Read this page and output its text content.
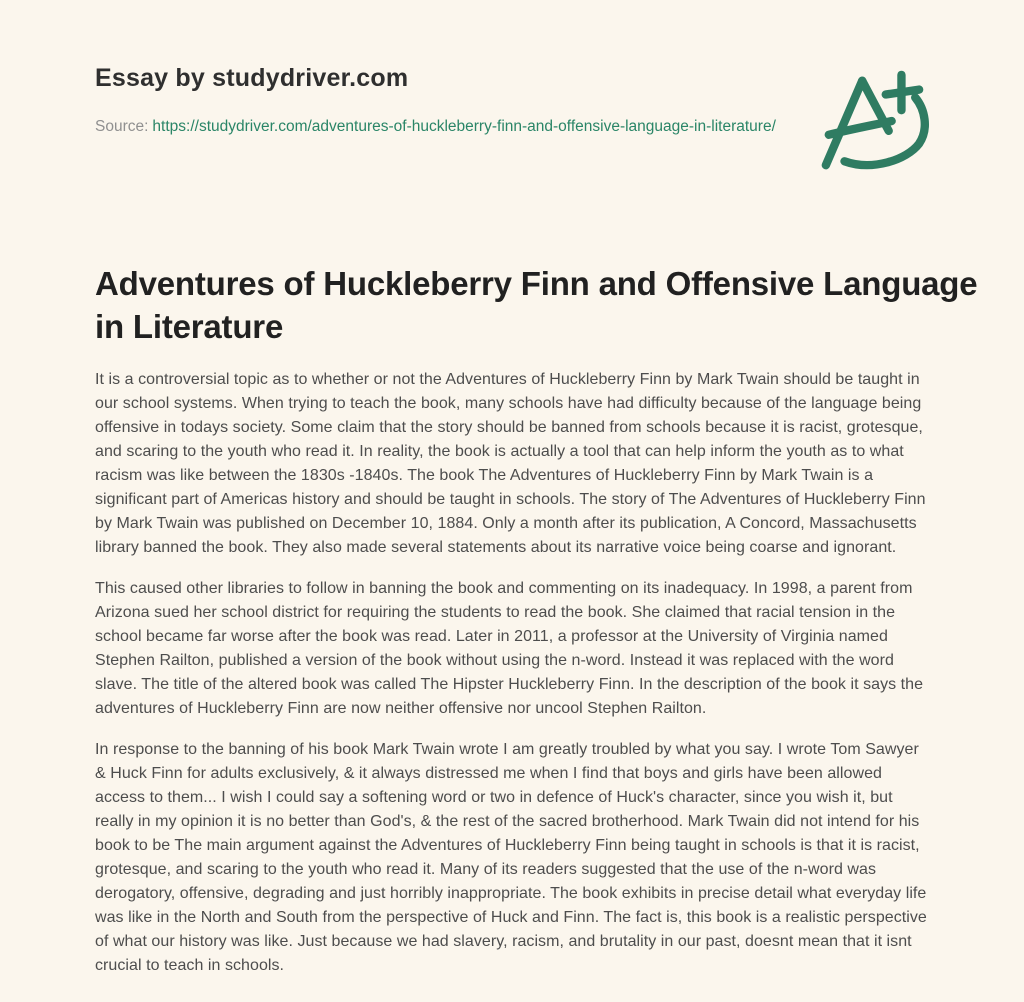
Essay by studydriver.com
Source: https://studydriver.com/adventures-of-huckleberry-finn-and-offensive-language-in-literature/
Adventures of Huckleberry Finn and Offensive Language
in Literature

It is a controversial topic as to whether or not the Adventures of Huckleberry Finn by Mark Twain should be taught in our school systems. When trying to teach the book, many schools have had difficulty because of the language being offensive in todays society. Some claim that the story should be banned from schools because it is racist, grotesque, and scaring to the youth who read it. In reality, the book is actually a tool that can help inform the youth as to what racism was like between the 1830s -1840s. The book The Adventures of Huckleberry Finn by Mark Twain is a significant part of Americas history and should be taught in schools. The story of The Adventures of Huckleberry Finn by Mark Twain was published on December 10, 1884. Only a month after its publication, A Concord, Massachusetts library banned the book. They also made several statements about its narrative voice being coarse and ignorant.

This caused other libraries to follow in banning the book and commenting on its inadequacy. In 1998, a parent from Arizona sued her school district for requiring the students to read the book. She claimed that racial tension in the school became far worse after the book was read. Later in 2011, a professor at the University of Virginia named Stephen Railton, published a version of the book without using the n-word. Instead it was replaced with the word slave. The title of the altered book was called The Hipster Huckleberry Finn. In the description of the book it says the adventures of Huckleberry Finn are now neither offensive nor uncool Stephen Railton.

In response to the banning of his book Mark Twain wrote I am greatly troubled by what you say. I wrote Tom Sawyer & Huck Finn for adults exclusively, & it always distressed me when I find that boys and girls have been allowed access to them... I wish I could say a softening word or two in defence of Huck's character, since you wish it, but really in my opinion it is no better than God's, & the rest of the sacred brotherhood. Mark Twain did not intend for his book to be The main argument against the Adventures of Huckleberry Finn being taught in schools is that it is racist, grotesque, and scaring to the youth who read it. Many of its readers suggested that the use of the n-word was derogatory, offensive, degrading and just horribly inappropriate. The book exhibits in precise detail what everyday life was like in the North and South from the perspective of Huck and Finn. The fact is, this book is a realistic perspective of what our history was like. Just because we had slavery, racism, and brutality in our past, doesnt mean that it isnt crucial to teach in schools.
